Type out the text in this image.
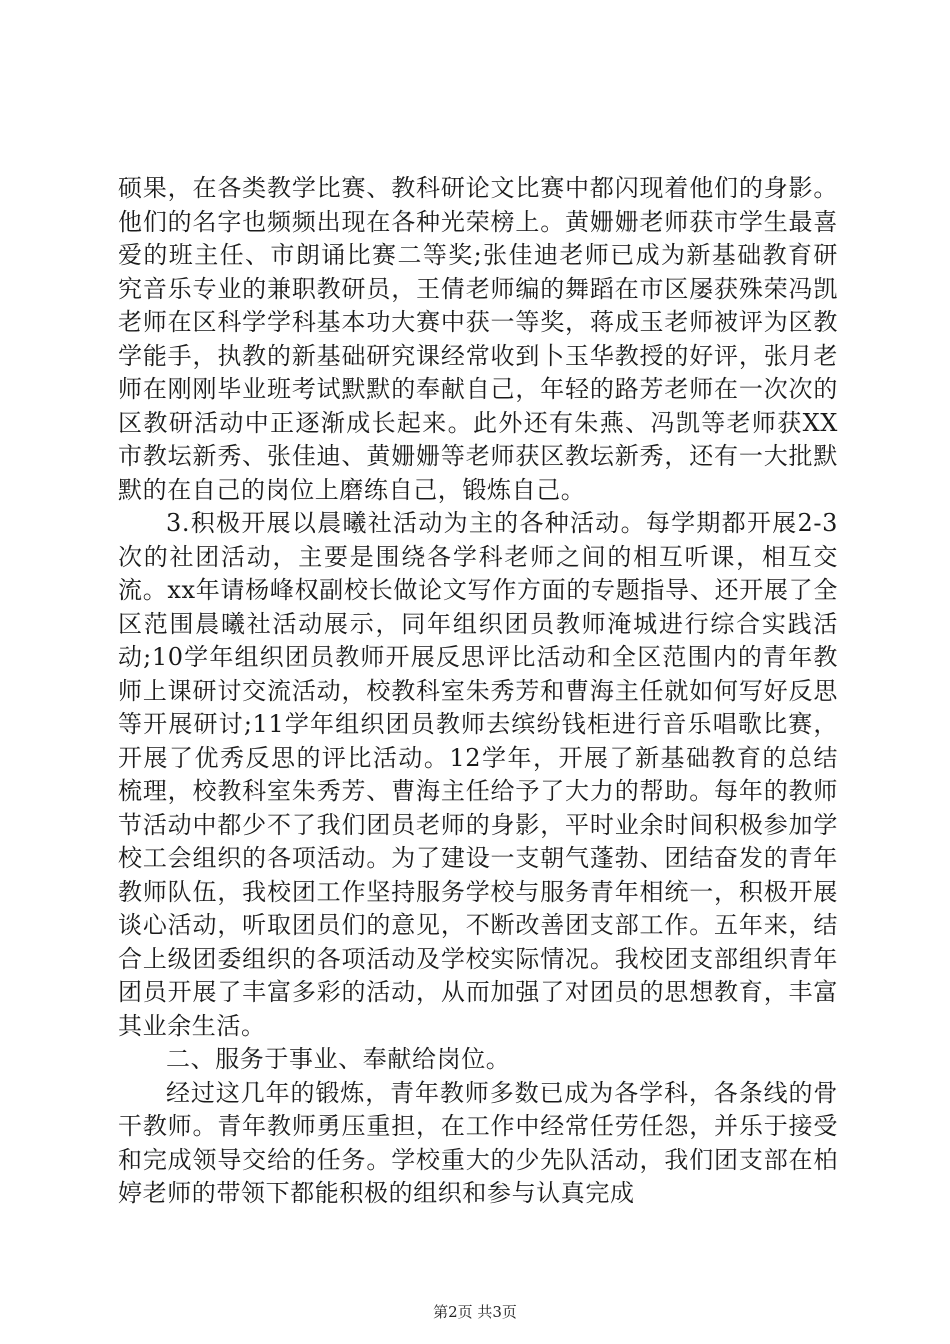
硕果，在各类教学比赛、教科研论文比赛中都闪现着他们的身影。他们的名字也频频出现在各种光荣榜上。黄姗姗老师获市学生最喜爱的班主任、市朗诵比赛二等奖;张佳迪老师已成为新基础教育研究音乐专业的兼职教研员，王倩老师编的舞蹈在市区屡获殊荣冯凯老师在区科学学科基本功大赛中获一等奖，蒋成玉老师被评为区教学能手，执教的新基础研究课经常收到卜玉华教授的好评，张月老师在刚刚毕业班考试默默的奉献自己，年轻的路芳老师在一次次的区教研活动中正逐渐成长起来。此外还有朱燕、冯凯等老师获XX市教坛新秀、张佳迪、黄姗姗等老师获区教坛新秀，还有一大批默默的在自己的岗位上磨练自己，锻炼自己。

3.积极开展以晨曦社活动为主的各种活动。每学期都开展2-3次的社团活动，主要是围绕各学科老师之间的相互听课，相互交流。xx年请杨峰权副校长做论文写作方面的专题指导、还开展了全区范围晨曦社活动展示，同年组织团员教师淹城进行综合实践活动;10学年组织团员教师开展反思评比活动和全区范围内的青年教师上课研讨交流活动，校教科室朱秀芳和曹海主任就如何写好反思等开展研讨;11学年组织团员教师去缤纷钱柜进行音乐唱歌比赛，开展了优秀反思的评比活动。12学年，开展了新基础教育的总结梳理，校教科室朱秀芳、曹海主任给予了大力的帮助。每年的教师节活动中都少不了我们团员老师的身影，平时业余时间积极参加学校工会组织的各项活动。为了建设一支朝气蓬勃、团结奋发的青年教师队伍，我校团工作坚持服务学校与服务青年相统一，积极开展谈心活动，听取团员们的意见，不断改善团支部工作。五年来，结合上级团委组织的各项活动及学校实际情况。我校团支部组织青年团员开展了丰富多彩的活动，从而加强了对团员的思想教育，丰富其业余生活。

二、服务于事业、奉献给岗位。

经过这几年的锻炼，青年教师多数已成为各学科，各条线的骨干教师。青年教师勇压重担，在工作中经常任劳任怨，并乐于接受和完成领导交给的任务。学校重大的少先队活动，我们团支部在柏婷老师的带领下都能积极的组织和参与认真完成

第2页 共3页
